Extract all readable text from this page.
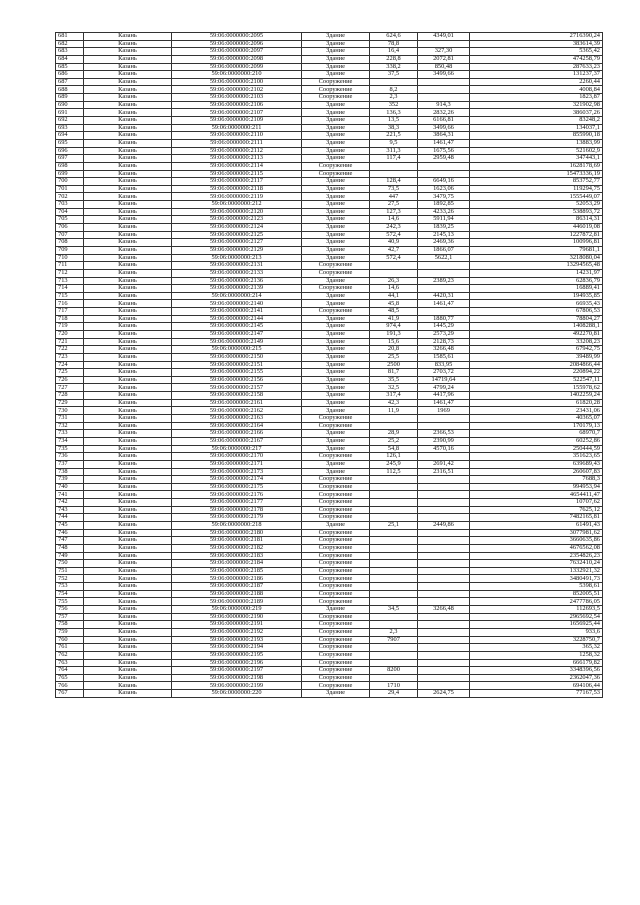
681	Казань	59:06:0000000:2095	Здание	624,6	4349,01	2716390,24
682	Казань	59:06:0000000:2096	Здание	78,8		383614,39
683	Казань	59:06:0000000:2097	Здание	16,4	327,30	5365,42
684	Казань	59:06:0000000:2098	Здание	228,8	2072,81	474258,79
685	Казань	59:06:0000000:2099	Здание	338,2	850,48	287633,23
686	Казань	59:06:0000000:210	Здание	37,5	3499,66	131237,37
687	Казань	59:06:0000000:2100	Сооружение			2260,44
688	Казань	59:06:0000000:2102	Сооружение	8,2		4008,84
689	Казань	59:06:0000000:2103	Сооружение	2,3		1823,87
690	Казань	59:06:0000000:2106	Здание	352	914,3	321902,98
691	Казань	59:06:0000000:2107	Здание	136,3	2832,26	386037,26
692	Казань	59:06:0000000:2109	Здание	13,5	6166,81	83248,2
693	Казань	59:06:0000000:211	Здание	38,3	3499,66	134037,1
694	Казань	59:06:0000000:2110	Здание	221,5	3864,31	855990,18
695	Казань	59:06:0000000:2111	Здание	9,5	1461,47	13883,99
696	Казань	59:06:0000000:2112	Здание	311,3	1675,56	521602,9
697	Казань	59:06:0000000:2113	Здание	117,4	2959,48	347443,1
698	Казань	59:06:0000000:2114	Сооружение			1628178,69
699	Казань	59:06:0000000:2115	Сооружение			15473336,19
700	Казань	59:06:0000000:2117	Здание	128,4	6649,16	853752,77
701	Казань	59:06:0000000:2118	Здание	73,5	1623,06	119294,75
702	Казань	59:06:0000000:2119	Здание	447	3479,75	1555449,07
703	Казань	59:06:0000000:212	Здание	27,5	1892,85	52053,29
704	Казань	59:06:0000000:2120	Здание	127,3	4233,26	538893,72
705	Казань	59:06:0000000:2123	Здание	14,6	5911,94	86314,31
706	Казань	59:06:0000000:2124	Здание	242,3	1839,25	446019,08
707	Казань	59:06:0000000:2125	Здание	572,4	2145,13	1227872,81
708	Казань	59:06:0000000:2127	Здание	40,9	2469,36	100996,81
709	Казань	59:06:0000000:2129	Здание	42,7	1866,07	79681,1
710	Казань	59:06:0000000:213	Здание	572,4	5622,1	3218080,04
711	Казань	59:06:0000000:2131	Сооружение			13294565,48
712	Казань	59:06:0000000:2133	Сооружение			14231,97
713	Казань	59:06:0000000:2136	Здание	26,3	2389,23	62836,79
714	Казань	59:06:0000000:2139	Сооружение	14,6		16889,41
715	Казань	59:06:0000000:214	Здание	44,1	4420,31	194935,85
716	Казань	59:06:0000000:2140	Здание	45,8	1461,47	66935,43
717	Казань	59:06:0000000:2141	Сооружение	48,5		67806,53
718	Казань	59:06:0000000:2144	Здание	41,9	1880,77	78804,27
719	Казань	59:06:0000000:2145	Здание	974,4	1445,29	1408288,1
720	Казань	59:06:0000000:2147	Здание	191,3	2573,29	492270,81
721	Казань	59:06:0000000:2149	Здание	15,6	2128,73	33208,23
722	Казань	59:06:0000000:215	Здание	20,8	3266,48	67942,75
723	Казань	59:06:0000000:2150	Здание	25,5	1585,61	39489,99
724	Казань	59:06:0000000:2151	Здание	2500	833,95	2084866,44
725	Казань	59:06:0000000:2155	Здание	81,7	2703,72	220894,22
726	Казань	59:06:0000000:2156	Здание	35,5	14719,64	522547,11
727	Казань	59:06:0000000:2157	Здание	32,5	4799,24	155978,62
728	Казань	59:06:0000000:2158	Здание	317,4	4417,96	1402259,24
729	Казань	59:06:0000000:2161	Здание	42,3	1461,47	61820,28
730	Казань	59:06:0000000:2162	Здание	11,9	1969	23431,06
731	Казань	59:06:0000000:2163	Сооружение			40365,07
732	Казань	59:06:0000000:2164	Сооружение			170179,13
733	Казань	59:06:0000000:2166	Здание	28,9	2366,53	68970,7
734	Казань	59:06:0000000:2167	Здание	25,2	2390,99	60252,86
735	Казань	59:06:0000000:217	Здание	54,8	4570,16	250444,59
736	Казань	59:06:0000000:2170	Сооружение	126,1		351623,65
737	Казань	59:06:0000000:2171	Здание	245,9	2691,42	639689,43
738	Казань	59:06:0000000:2173	Здание	112,5	2316,51	260607,83
739	Казань	59:06:0000000:2174	Сооружение			7688,3
740	Казань	59:06:0000000:2175	Сооружение			994953,94
741	Казань	59:06:0000000:2176	Сооружение			4654411,47
742	Казань	59:06:0000000:2177	Сооружение			10707,62
743	Казань	59:06:0000000:2178	Сооружение			7625,12
744	Казань	59:06:0000000:2179	Сооружение			7482165,81
745	Казань	59:06:0000000:218	Здание	25,1	2449,86	61491,43
746	Казань	59:06:0000000:2180	Сооружение			3077981,62
747	Казань	59:06:0000000:2181	Сооружение			3660635,86
748	Казань	59:06:0000000:2182	Сооружение			4676562,08
749	Казань	59:06:0000000:2183	Сооружение			2354826,23
750	Казань	59:06:0000000:2184	Сооружение			7632410,24
751	Казань	59:06:0000000:2185	Сооружение			1332921,32
752	Казань	59:06:0000000:2186	Сооружение			3480491,73
753	Казань	59:06:0000000:2187	Сооружение			5398,61
754	Казань	59:06:0000000:2188	Сооружение			852005,51
755	Казань	59:06:0000000:2189	Сооружение			2477786,05
756	Казань	59:06:0000000:219	Здание	34,5	3266,48	112693,5
757	Казань	59:06:0000000:2190	Сооружение			2965692,54
758	Казань	59:06:0000000:2191	Сооружение			1656925,44
759	Казань	59:06:0000000:2192	Сооружение	2,3		933,6
760	Казань	59:06:0000000:2193	Сооружение	7907		3228750,7
761	Казань	59:06:0000000:2194	Сооружение			365,32
762	Казань	59:06:0000000:2195	Сооружение			1258,32
763	Казань	59:06:0000000:2196	Сооружение			666179,82
764	Казань	59:06:0000000:2197	Сооружение	8200		3348396,56
765	Казань	59:06:0000000:2198	Сооружение			2362047,36
766	Казань	59:06:0000000:2199	Сооружение	1710		694106,44
767	Казань	59:06:0000000:220	Здание	29,4	2624,75	77167,53
